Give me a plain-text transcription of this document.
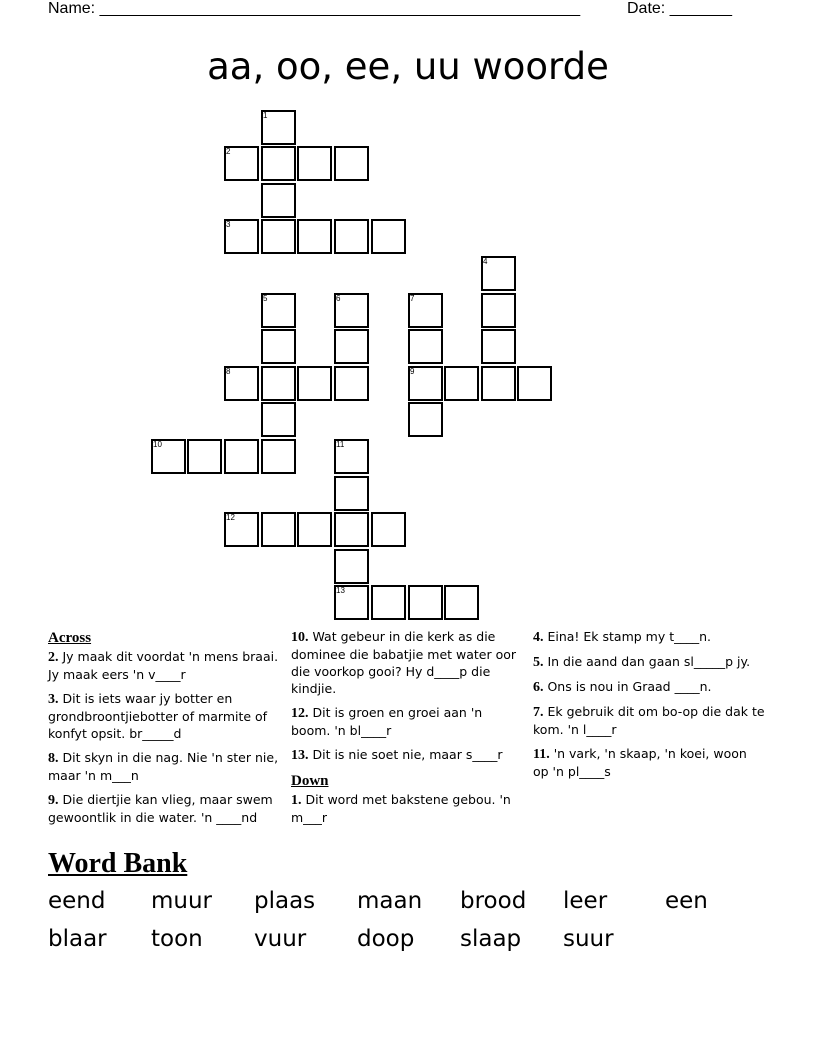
Name: ______________________________________________________	Date: _______
aa, oo, ee, uu woorde
1
2
3
4
5	6	7
8	9
10	11
12
13
Across
2. Jy maak dit voordat 'n mens braai. Jy maak eers 'n v____r
3. Dit is iets waar jy botter en grondbroontjiebotter of marmite of konfyt opsit. br_____d
8. Dit skyn in die nag. Nie 'n ster nie, maar 'n m___n
9. Die diertjie kan vlieg, maar swem gewoontlik in die water. 'n ____nd
10. Wat gebeur in die kerk as die dominee die babatjie met water oor die voorkop gooi? Hy d____p die kindjie.
12. Dit is groen en groei aan 'n boom. 'n bl____r
13. Dit is nie soet nie, maar s____r
Down
1. Dit word met bakstene gebou. 'n m___r
4. Eina! Ek stamp my t____n.
5. In die aand dan gaan sl_____p jy.
6. Ons is nou in Graad ____n.
7. Ek gebruik dit om bo-op die dak te kom. 'n l____r
11. 'n vark, 'n skaap, 'n koei, woon op 'n pl____s
Word Bank
eend muur plaas maan brood leer	een
blaar toon vuur doop slaap suur
